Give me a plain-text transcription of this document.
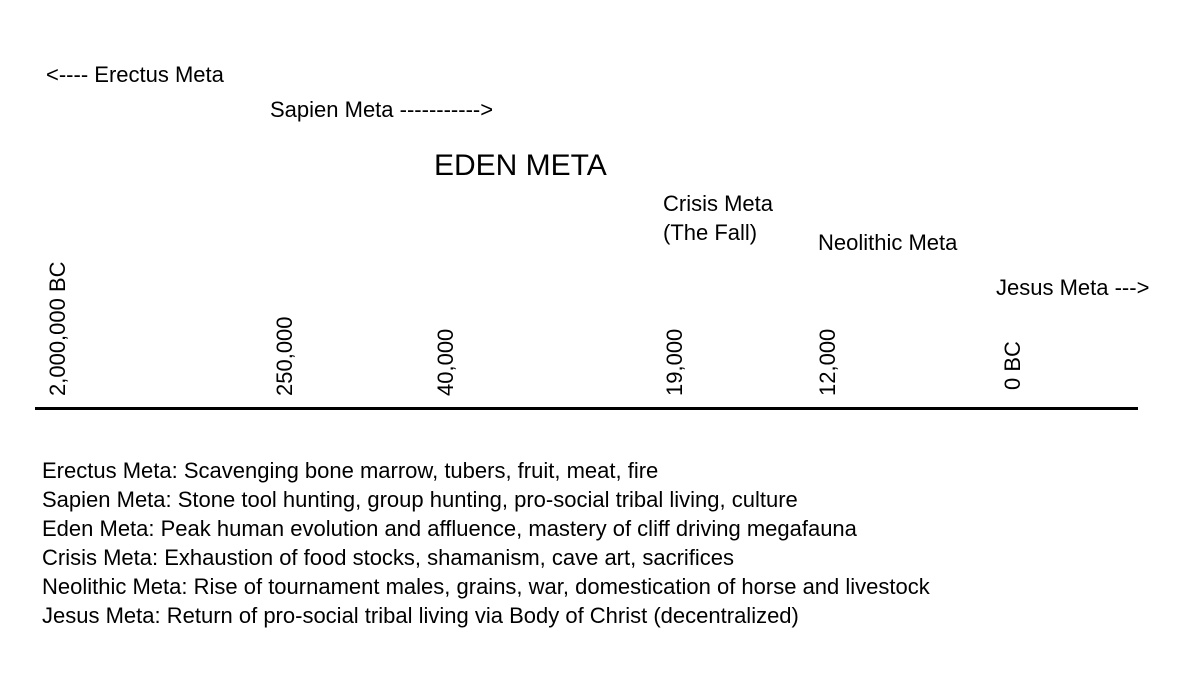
<---- Erectus Meta

Sapien Meta ----------->

EDEN META

Crisis Meta

(The Fall)	Neolithic Meta

Jesus Meta --->

2,000,000 BC	250,000	40,000	19,000	12,000	0 BC
Erectus Meta: Scavenging bone marrow, tubers, fruit, meat, fire
Sapien Meta: Stone tool hunting, group hunting, pro-social tribal living, culture
Eden Meta: Peak human evolution and affluence, mastery of cliff driving megafauna
Crisis Meta: Exhaustion of food stocks, shamanism, cave art, sacrifices
Neolithic Meta: Rise of tournament males, grains, war, domestication of horse and livestock
Jesus Meta: Return of pro-social tribal living via Body of Christ (decentralized)
